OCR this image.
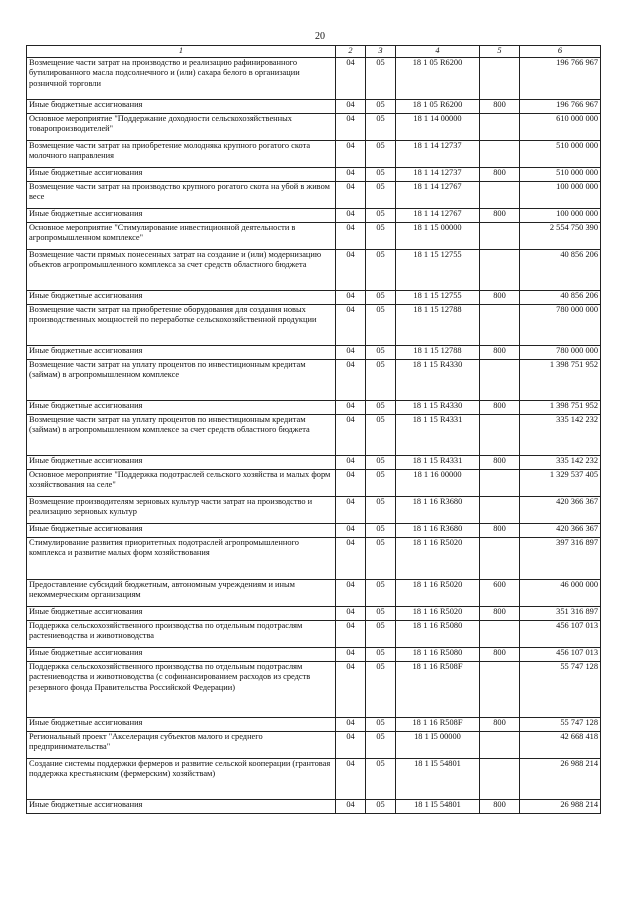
20
1	2	3	4	5	6
Возмещение части затрат на производство и реализацию рафинированного бутилированного масла подсолнечного и (или) сахара белого в организации розничной торговли	04	05	18 1 05 R6200		196 766 967
Иные бюджетные ассигнования	04	05	18 1 05 R6200	800	196 766 967
Основное мероприятие "Поддержание доходности сельскохозяйственных товаропроизводителей"	04	05	18 1 14 00000		610 000 000
Возмещение части затрат на приобретение молодняка крупного рогатого скота молочного направления	04	05	18 1 14 12737		510 000 000
Иные бюджетные ассигнования	04	05	18 1 14 12737	800	510 000 000
Возмещение части затрат на производство крупного рогатого скота на убой в живом весе	04	05	18 1 14 12767		100 000 000
Иные бюджетные ассигнования	04	05	18 1 14 12767	800	100 000 000
Основное мероприятие "Стимулирование инвестиционной деятельности в агропромышленном комплексе"	04	05	18 1 15 00000		2 554 750 390
Возмещение части прямых понесенных затрат на создание и (или) модернизацию объектов агропромышленного комплекса за счет средств областного бюджета	04	05	18 1 15 12755		40 856 206
Иные бюджетные ассигнования	04	05	18 1 15 12755	800	40 856 206
Возмещение части затрат на приобретение оборудования для создания новых производственных мощностей по переработке сельскохозяйственной продукции	04	05	18 1 15 12788		780 000 000
Иные бюджетные ассигнования	04	05	18 1 15 12788	800	780 000 000
Возмещение части затрат на уплату процентов по инвестиционным кредитам (займам) в агропромышленном комплексе	04	05	18 1 15 R4330		1 398 751 952
Иные бюджетные ассигнования	04	05	18 1 15 R4330	800	1 398 751 952
Возмещение части затрат на уплату процентов по инвестиционным кредитам (займам) в агропромышленном комплексе за счет средств областного бюджета	04	05	18 1 15 R4331		335 142 232
Иные бюджетные ассигнования	04	05	18 1 15 R4331	800	335 142 232
Основное мероприятие "Поддержка подотраслей сельского хозяйства и малых форм хозяйствования на селе"	04	05	18 1 16 00000		1 329 537 405
Возмещение производителям зерновых культур части затрат на производство и реализацию зерновых культур	04	05	18 1 16 R3680		420 366 367
Иные бюджетные ассигнования	04	05	18 1 16 R3680	800	420 366 367
Стимулирование развития приоритетных подотраслей агропромышленного комплекса и развитие малых форм хозяйствования	04	05	18 1 16 R5020		397 316 897
Предоставление субсидий бюджетным, автономным учреждениям и иным некоммерческим организациям	04	05	18 1 16 R5020	600	46 000 000
Иные бюджетные ассигнования	04	05	18 1 16 R5020	800	351 316 897
Поддержка сельскохозяйственного производства по отдельным подотраслям растениеводства и животноводства	04	05	18 1 16 R5080		456 107 013
Иные бюджетные ассигнования	04	05	18 1 16 R5080	800	456 107 013
Поддержка сельскохозяйственного производства по отдельным подотраслям растениеводства и животноводства (с софинансированием расходов из средств резервного фонда Правительства Российской Федерации)	04	05	18 1 16 R508F		55 747 128
Иные бюджетные ассигнования	04	05	18 1 16 R508F	800	55 747 128
Региональный проект "Акселерация субъектов малого и среднего предпринимательства"	04	05	18 1 I5 00000		42 668 418
Создание системы поддержки фермеров и развитие сельской кооперации (грантовая поддержка крестьянским (фермерским) хозяйствам)	04	05	18 1 I5 54801		26 988 214
Иные бюджетные ассигнования	04	05	18 1 I5 54801	800	26 988 214
